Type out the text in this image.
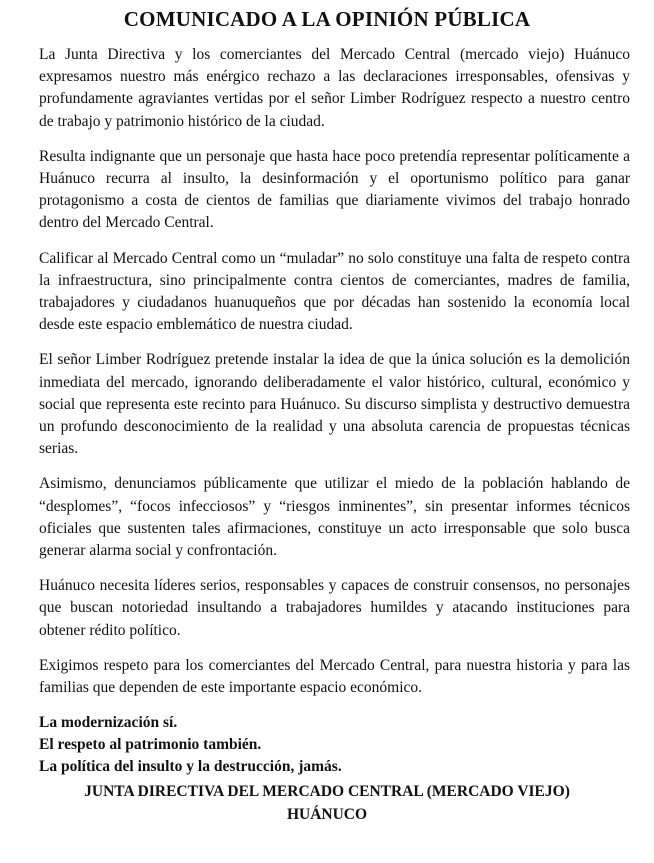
COMUNICADO A LA OPINIÓN PÚBLICA

La Junta Directiva y los comerciantes del Mercado Central (mercado viejo) Huánuco expresamos nuestro más enérgico rechazo a las declaraciones irresponsables, ofensivas y profundamente agraviantes vertidas por el señor Limber Rodríguez respecto a nuestro centro de trabajo y patrimonio histórico de la ciudad.

Resulta indignante que un personaje que hasta hace poco pretendía representar políticamente a Huánuco recurra al insulto, la desinformación y el oportunismo político para ganar protagonismo a costa de cientos de familias que diariamente vivimos del trabajo honrado dentro del Mercado Central.

Calificar al Mercado Central como un “muladar” no solo constituye una falta de respeto contra la infraestructura, sino principalmente contra cientos de comerciantes, madres de familia, trabajadores y ciudadanos huanuqueños que por décadas han sostenido la economía local desde este espacio emblemático de nuestra ciudad.

El señor Limber Rodríguez pretende instalar la idea de que la única solución es la demolición inmediata del mercado, ignorando deliberadamente el valor histórico, cultural, económico y social que representa este recinto para Huánuco. Su discurso simplista y destructivo demuestra un profundo desconocimiento de la realidad y una absoluta carencia de propuestas técnicas serias.

Asimismo, denunciamos públicamente que utilizar el miedo de la población hablando de “desplomes”, “focos infecciosos” y “riesgos inminentes”, sin presentar informes técnicos oficiales que sustenten tales afirmaciones, constituye un acto irresponsable que solo busca generar alarma social y confrontación.

Huánuco necesita líderes serios, responsables y capaces de construir consensos, no personajes que buscan notoriedad insultando a trabajadores humildes y atacando instituciones para obtener rédito político.

Exigimos respeto para los comerciantes del Mercado Central, para nuestra historia y para las familias que dependen de este importante espacio económico.

La modernización sí.
El respeto al patrimonio también.
La política del insulto y la destrucción, jamás.
JUNTA DIRECTIVA DEL MERCADO CENTRAL (MERCADO VIEJO)
HUÁNUCO
